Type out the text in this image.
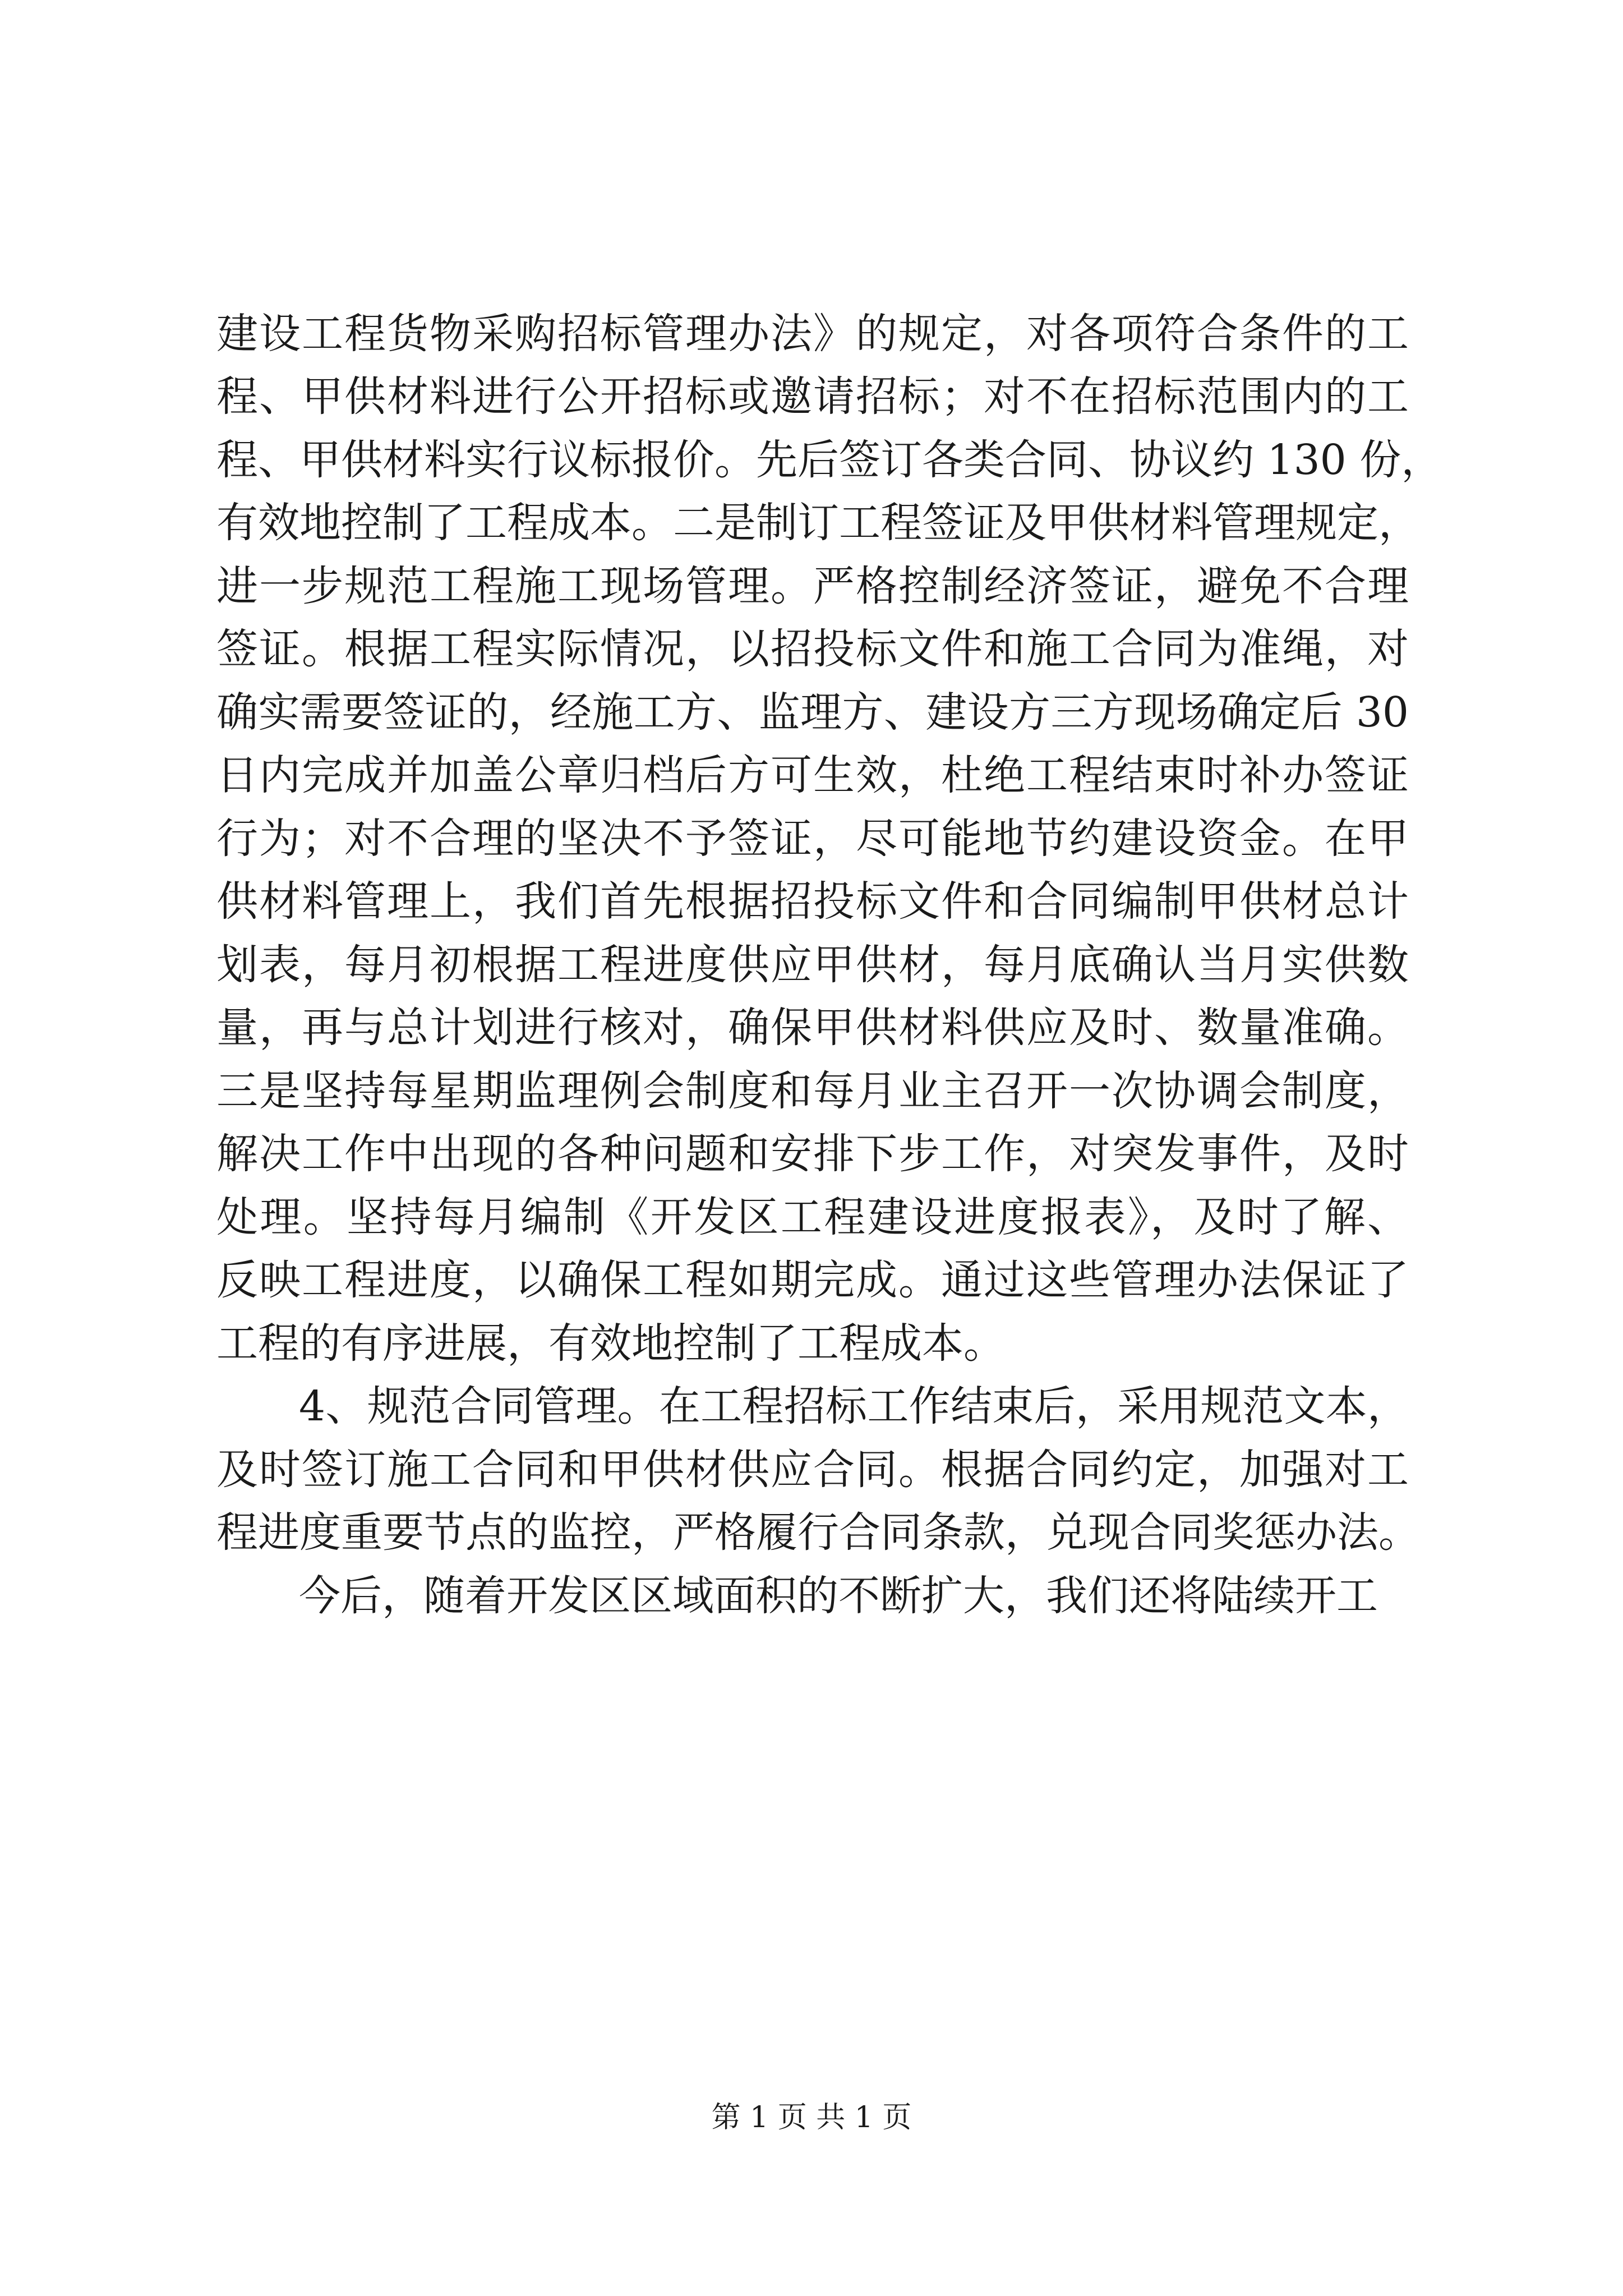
建设工程货物采购招标管理办法》的规定，对各项符合条件的工
程、甲供材料进行公开招标或邀请招标；对不在招标范围内的工
程、甲供材料实行议标报价。先后签订各类合同、协议约 130 份，
有效地控制了工程成本。二是制订工程签证及甲供材料管理规定，
进一步规范工程施工现场管理。严格控制经济签证，避免不合理
签证。根据工程实际情况，以招投标文件和施工合同为准绳，对
确实需要签证的，经施工方、监理方、建设方三方现场确定后 30
日内完成并加盖公章归档后方可生效，杜绝工程结束时补办签证
行为；对不合理的坚决不予签证，尽可能地节约建设资金。在甲
供材料管理上，我们首先根据招投标文件和合同编制甲供材总计
划表，每月初根据工程进度供应甲供材，每月底确认当月实供数
量，再与总计划进行核对，确保甲供材料供应及时、数量准确。
三是坚持每星期监理例会制度和每月业主召开一次协调会制度，
解决工作中出现的各种问题和安排下步工作，对突发事件，及时
处理。坚持每月编制《开发区工程建设进度报表》，及时了解、
反映工程进度，以确保工程如期完成。通过这些管理办法保证了
工程的有序进展，有效地控制了工程成本。
4、规范合同管理。在工程招标工作结束后，采用规范文本，
及时签订施工合同和甲供材供应合同。根据合同约定，加强对工
程进度重要节点的监控，严格履行合同条款，兑现合同奖惩办法。
今后，随着开发区区域面积的不断扩大，我们还将陆续开工
第 1 页 共 1 页
